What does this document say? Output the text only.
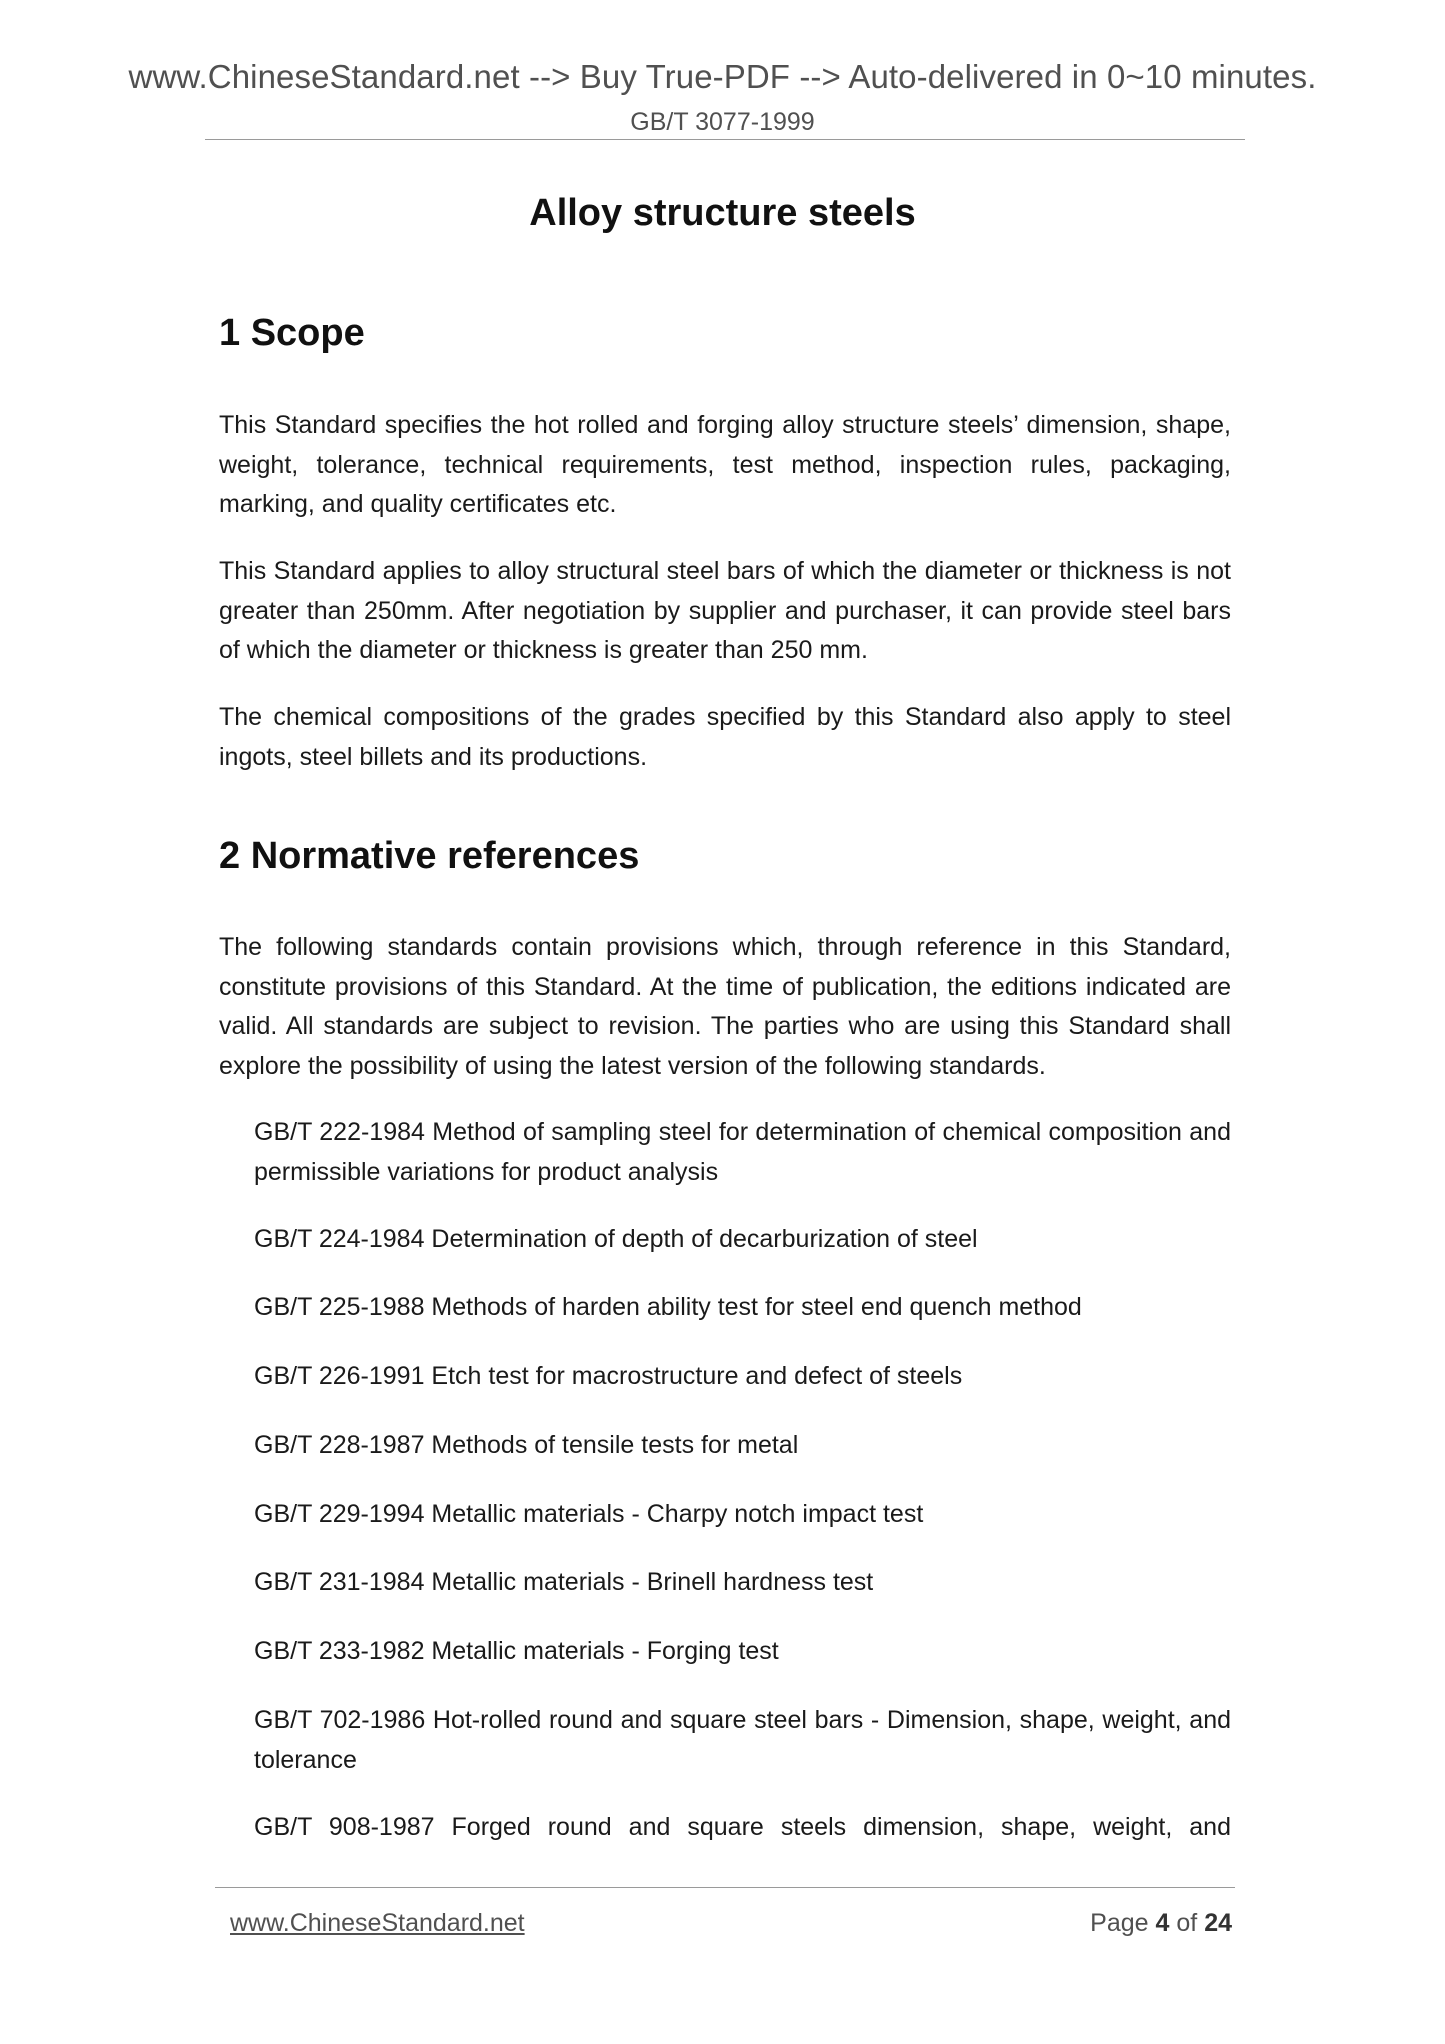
www.ChineseStandard.net --> Buy True-PDF --> Auto-delivered in 0~10 minutes.
GB/T 3077-1999
Alloy structure steels
1 Scope
This Standard specifies the hot rolled and forging alloy structure steels’ dimension, shape, weight, tolerance, technical requirements, test method, inspection rules, packaging, marking, and quality certificates etc.
This Standard applies to alloy structural steel bars of which the diameter or thickness is not greater than 250mm. After negotiation by supplier and purchaser, it can provide steel bars of which the diameter or thickness is greater than 250 mm.
The chemical compositions of the grades specified by this Standard also apply to steel ingots, steel billets and its productions.
2 Normative references
The following standards contain provisions which, through reference in this Standard, constitute provisions of this Standard. At the time of publication, the editions indicated are valid. All standards are subject to revision. The parties who are using this Standard shall explore the possibility of using the latest version of the following standards.
GB/T 222-1984 Method of sampling steel for determination of chemical composition and permissible variations for product analysis
GB/T 224-1984 Determination of depth of decarburization of steel
GB/T 225-1988 Methods of harden ability test for steel end quench method
GB/T 226-1991 Etch test for macrostructure and defect of steels
GB/T 228-1987 Methods of tensile tests for metal
GB/T 229-1994 Metallic materials - Charpy notch impact test
GB/T 231-1984 Metallic materials - Brinell hardness test
GB/T 233-1982 Metallic materials - Forging test
GB/T 702-1986 Hot-rolled round and square steel bars - Dimension, shape, weight, and tolerance
GB/T 908-1987 Forged round and square steels dimension, shape, weight, and
www.ChineseStandard.net	Page 4 of 24
